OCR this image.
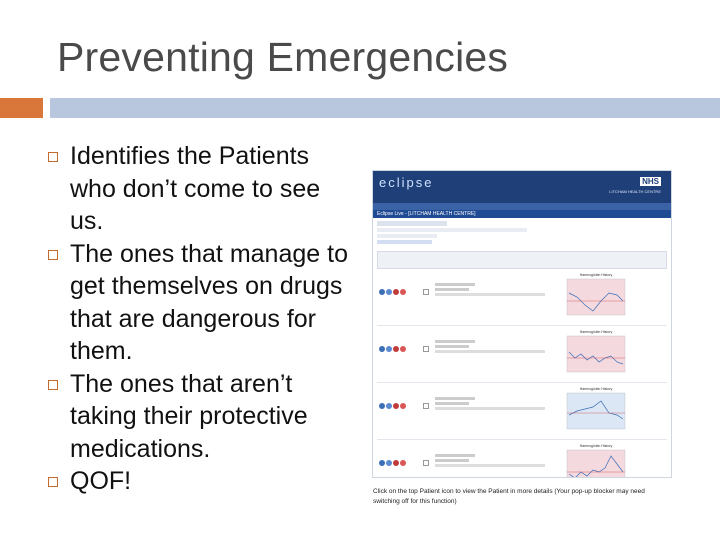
Preventing Emergencies
Identifies the Patients who don’t come to see us.
The ones that manage to get themselves on drugs that are dangerous for them.
The ones that aren’t taking their protective medications.
QOF!
eclipse	NHS
LITCHAM HEALTH CENTRE
Eclipse Live - [LITCHAM HEALTH CENTRE]
Haemoglobin History
Haemoglobin History
Haemoglobin History
Haemoglobin History
Click on the top Patient icon to view the Patient in more details (Your pop-up blocker may need switching off for this function)
